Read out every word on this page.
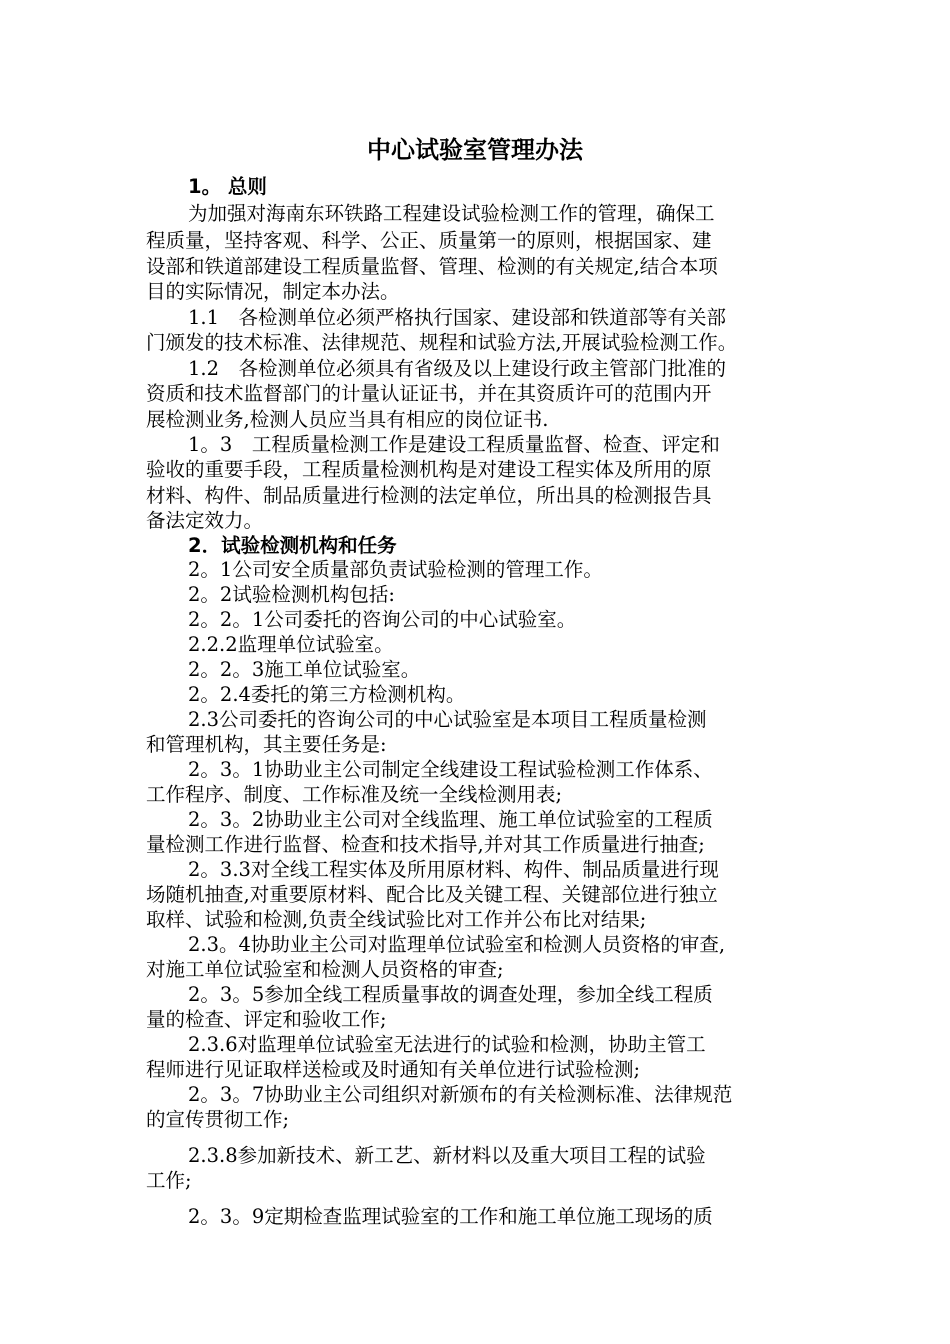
中心试验室管理办法
1。 总则
为加强对海南东环铁路工程建设试验检测工作的管理，确保工
程质量，坚持客观、科学、公正、质量第一的原则，根据国家、建
设部和铁道部建设工程质量监督、管理、检测的有关规定,结合本项
目的实际情况，制定本办法。
1.1　各检测单位必须严格执行国家、建设部和铁道部等有关部
门颁发的技术标准、法律规范、规程和试验方法,开展试验检测工作。
1.2　各检测单位必须具有省级及以上建设行政主管部门批准的
资质和技术监督部门的计量认证证书，并在其资质许可的范围内开
展检测业务,检测人员应当具有相应的岗位证书.
1。3　工程质量检测工作是建设工程质量监督、检查、评定和
验收的重要手段，工程质量检测机构是对建设工程实体及所用的原
材料、构件、制品质量进行检测的法定单位，所出具的检测报告具
备法定效力。
2．试验检测机构和任务
2。1公司安全质量部负责试验检测的管理工作。
2。2试验检测机构包括:
2。2。1公司委托的咨询公司的中心试验室。
2.2.2监理单位试验室。
2。2。3施工单位试验室。
2。2.4委托的第三方检测机构。
2.3公司委托的咨询公司的中心试验室是本项目工程质量检测
和管理机构，其主要任务是:
2。3。1协助业主公司制定全线建设工程试验检测工作体系、
工作程序、制度、工作标准及统一全线检测用表;
2。3。2协助业主公司对全线监理、施工单位试验室的工程质
量检测工作进行监督、检查和技术指导,并对其工作质量进行抽查;
2。3.3对全线工程实体及所用原材料、构件、制品质量进行现
场随机抽查,对重要原材料、配合比及关键工程、关键部位进行独立
取样、试验和检测,负责全线试验比对工作并公布比对结果;
2.3。4协助业主公司对监理单位试验室和检测人员资格的审查,
对施工单位试验室和检测人员资格的审查;
2。3。5参加全线工程质量事故的调查处理，参加全线工程质
量的检查、评定和验收工作;
2.3.6对监理单位试验室无法进行的试验和检测，协助主管工
程师进行见证取样送检或及时通知有关单位进行试验检测;
2。3。7协助业主公司组织对新颁布的有关检测标准、法律规范
的宣传贯彻工作;
2.3.8参加新技术、新工艺、新材料以及重大项目工程的试验
工作;
2。3。9定期检查监理试验室的工作和施工单位施工现场的质
